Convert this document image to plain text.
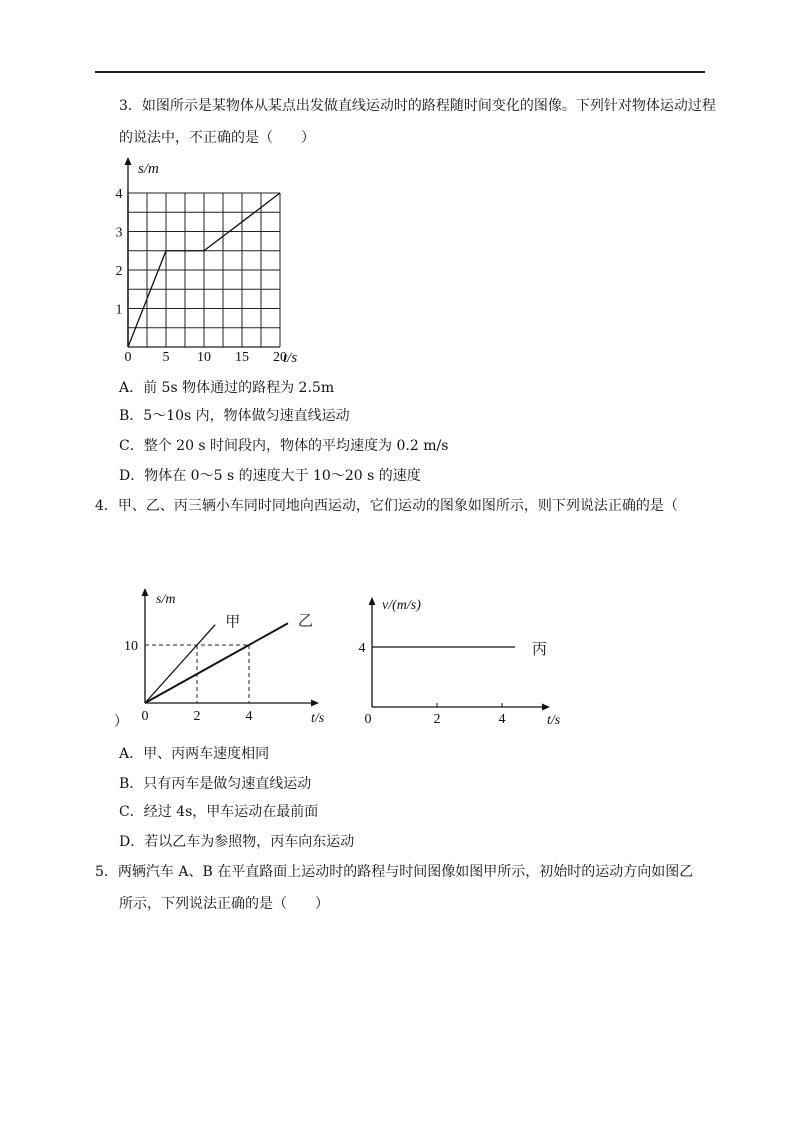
3．如图所示是某物体从某点出发做直线运动时的路程随时间变化的图像。下列针对物体运动过程
的说法中，不正确的是（　　）
s/m
t/s
0 5 10 15 20
1
2
3
4
A．前 5s 物体通过的路程为 2.5m
B．5～10s 内，物体做匀速直线运动
C．整个 20 s 时间段内，物体的平均速度为 0.2 m/s
D．物体在 0～5 s 的速度大于 10～20 s 的速度
4．甲、乙、丙三辆小车同时同地向西运动，它们运动的图象如图所示，则下列说法正确的是（
s/m
t/s
0	2	4
10
甲	乙
v/(m/s)
t/s
0	2	4
4	丙
）
A．甲、丙两车速度相同
B．只有丙车是做匀速直线运动
C．经过 4s，甲车运动在最前面
D．若以乙车为参照物，丙车向东运动
5．两辆汽车 A、B 在平直路面上运动时的路程与时间图像如图甲所示，初始时的运动方向如图乙
所示，下列说法正确的是（　　）
